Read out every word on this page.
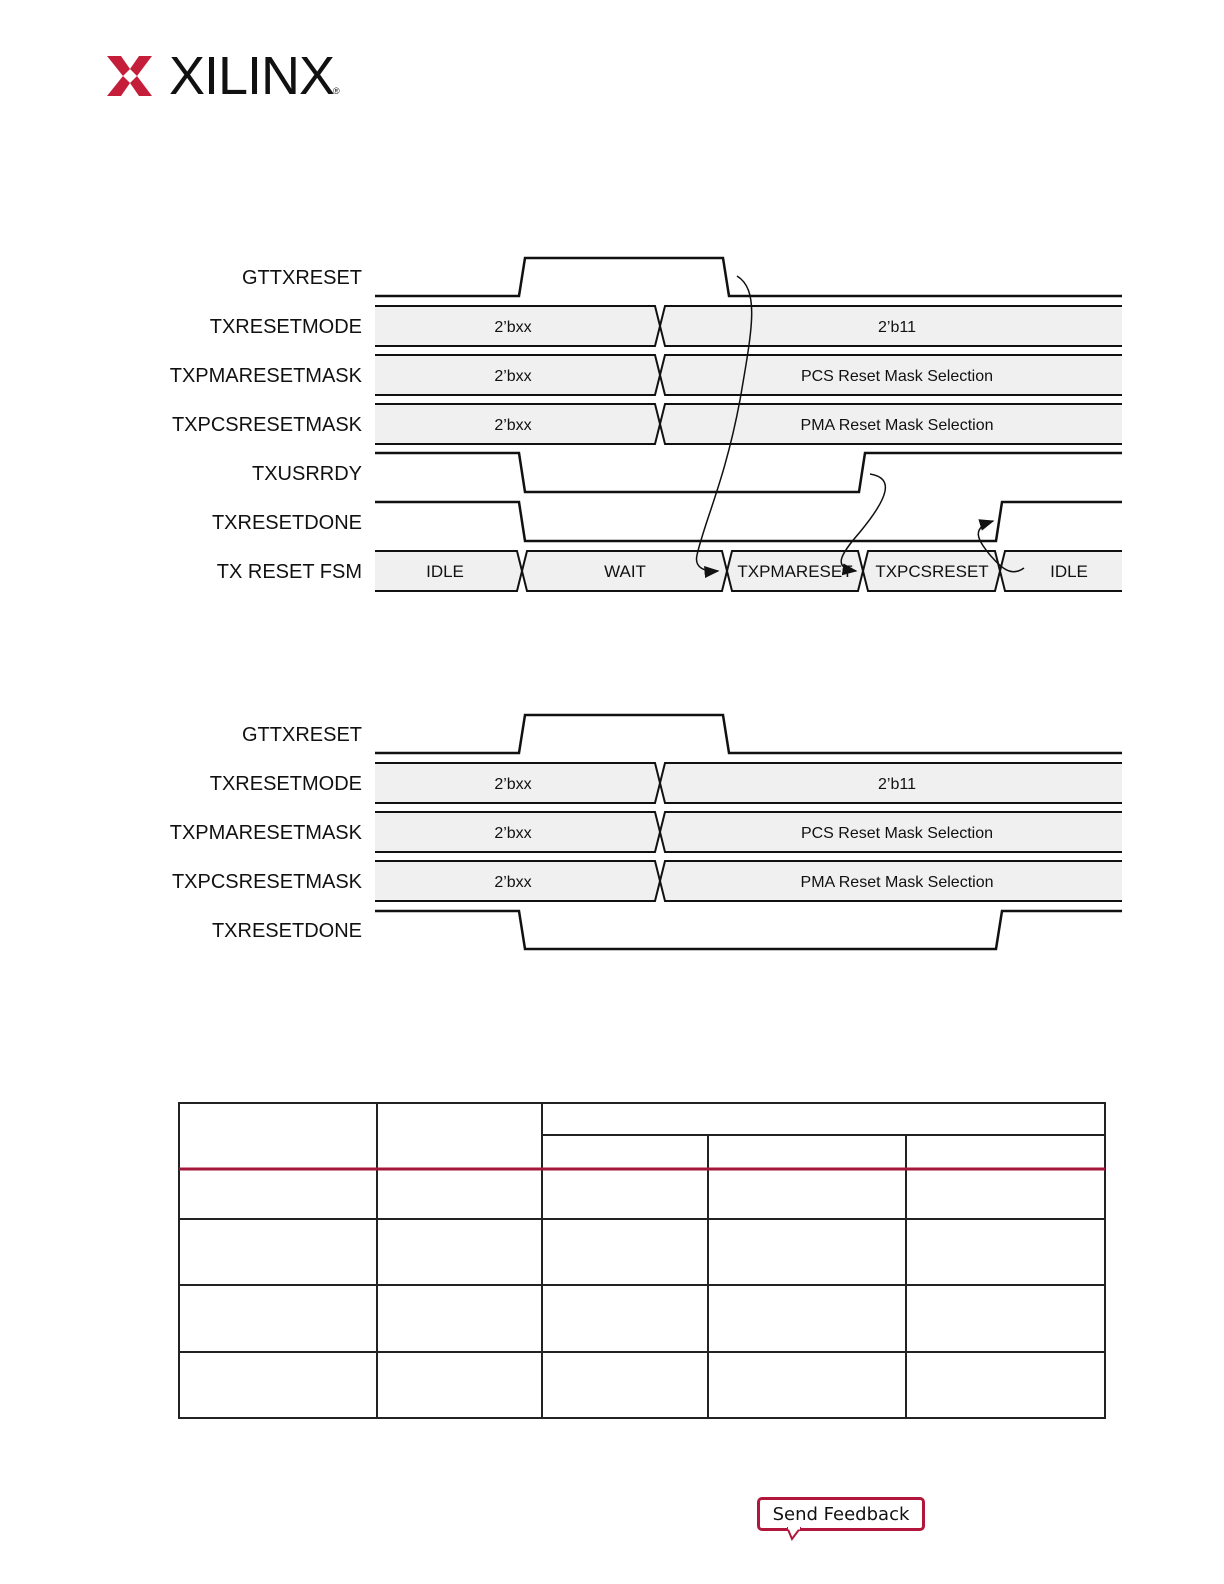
XILINX
®
GTTXRESET
TXRESETMODE
TXPMARESETMASK
TXPCSRESETMASK
TXUSRRDY
TXRESETDONE
TX RESET FSM
2’bxx	2’b11
2’bxx	PCS Reset Mask Selection
2’bxx	PMA Reset Mask Selection
IDLE	WAIT	TXPMARESET TXPCSRESET	IDLE
GTTXRESET
TXRESETMODE
TXPMARESETMASK
TXPCSRESETMASK
TXRESETDONE
2’bxx	2’b11
2’bxx	PCS Reset Mask Selection
2’bxx	PMA Reset Mask Selection
Send Feedback
